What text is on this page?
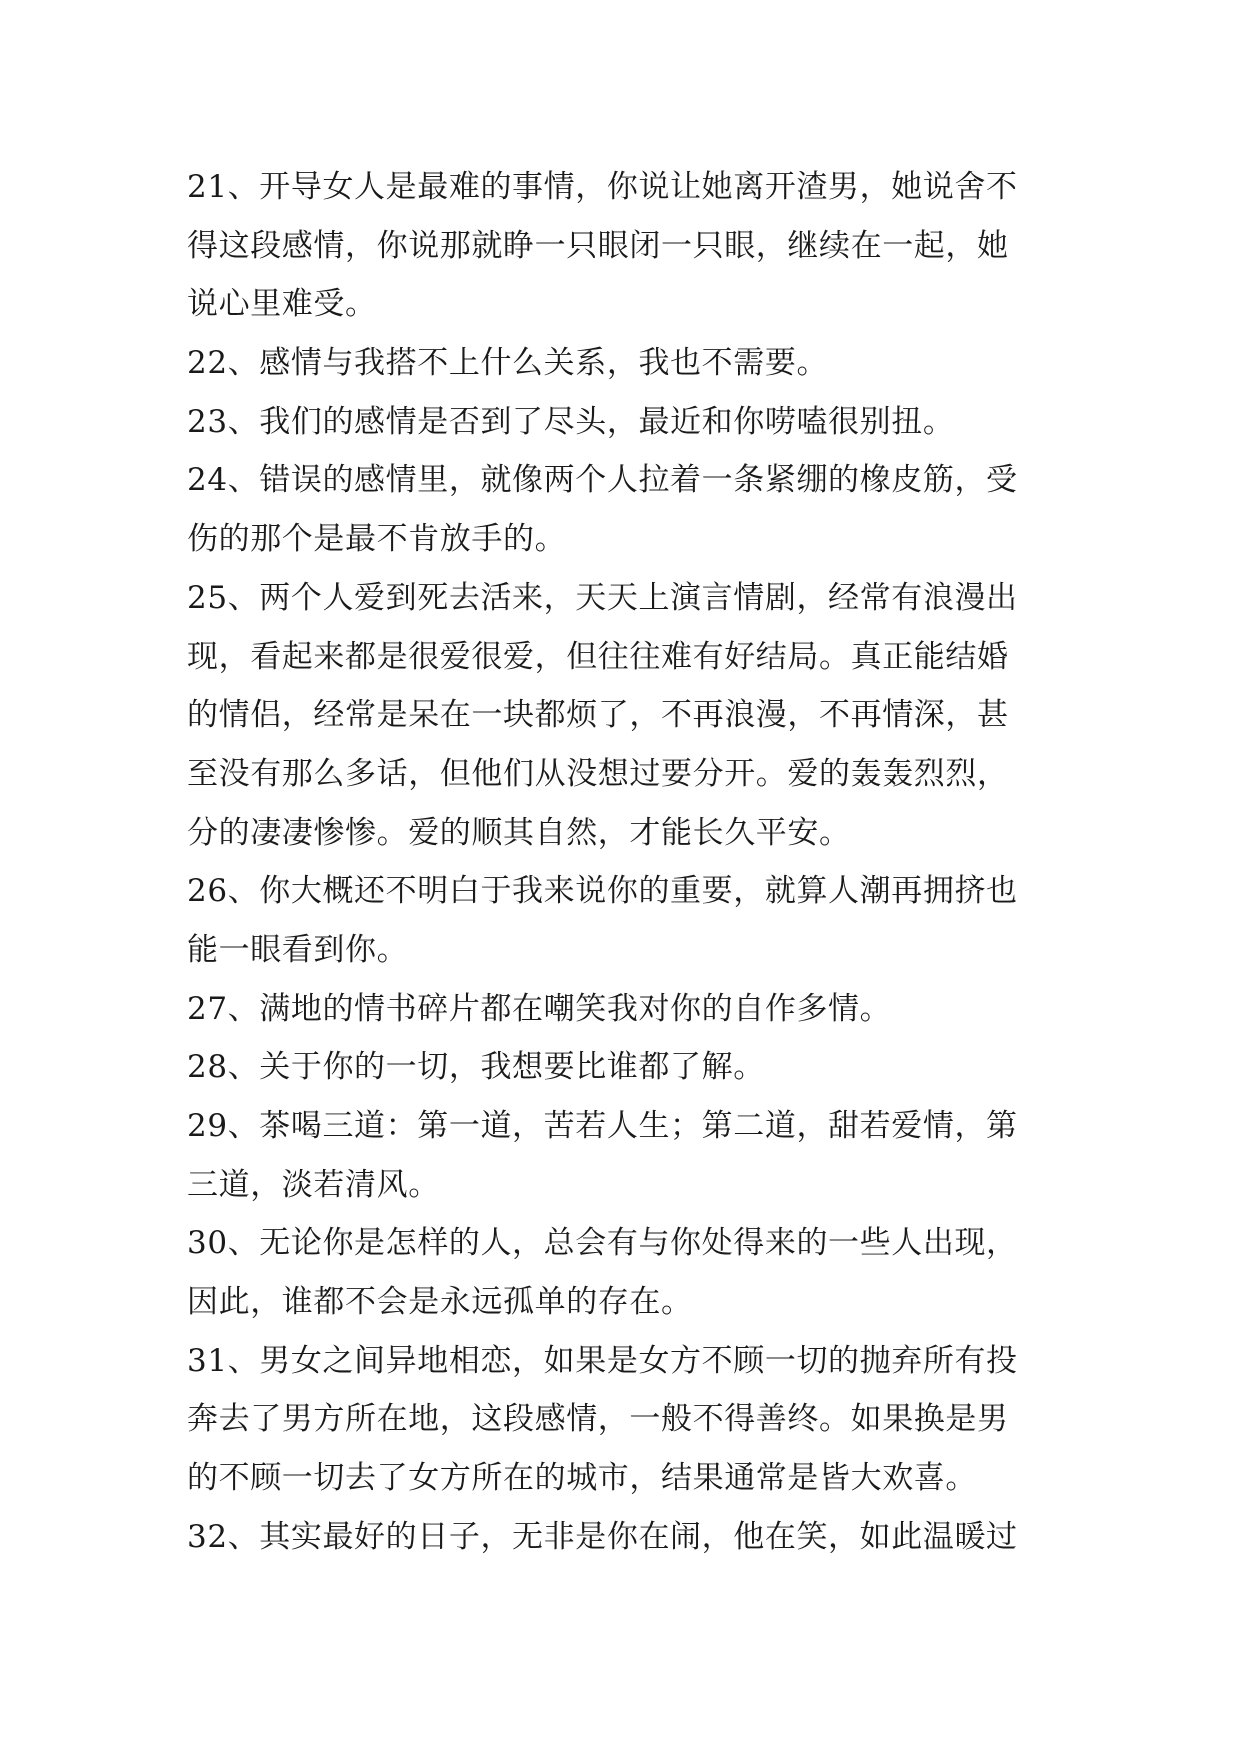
21、开导女人是最难的事情，你说让她离开渣男，她说舍不
得这段感情，你说那就睁一只眼闭一只眼，继续在一起，她
说心里难受。
22、感情与我搭不上什么关系，我也不需要。
23、我们的感情是否到了尽头，最近和你唠嗑很别扭。
24、错误的感情里，就像两个人拉着一条紧绷的橡皮筋，受
伤的那个是最不肯放手的。
25、两个人爱到死去活来，天天上演言情剧，经常有浪漫出
现，看起来都是很爱很爱，但往往难有好结局。真正能结婚
的情侣，经常是呆在一块都烦了，不再浪漫，不再情深，甚
至没有那么多话，但他们从没想过要分开。爱的轰轰烈烈，
分的凄凄惨惨。爱的顺其自然，才能长久平安。
26、你大概还不明白于我来说你的重要，就算人潮再拥挤也
能一眼看到你。
27、满地的情书碎片都在嘲笑我对你的自作多情。
28、关于你的一切，我想要比谁都了解。
29、茶喝三道：第一道，苦若人生；第二道，甜若爱情，第
三道，淡若清风。
30、无论你是怎样的人，总会有与你处得来的一些人出现，
因此，谁都不会是永远孤单的存在。
31、男女之间异地相恋，如果是女方不顾一切的抛弃所有投
奔去了男方所在地，这段感情，一般不得善终。如果换是男
的不顾一切去了女方所在的城市，结果通常是皆大欢喜。
32、其实最好的日子，无非是你在闹，他在笑，如此温暖过
